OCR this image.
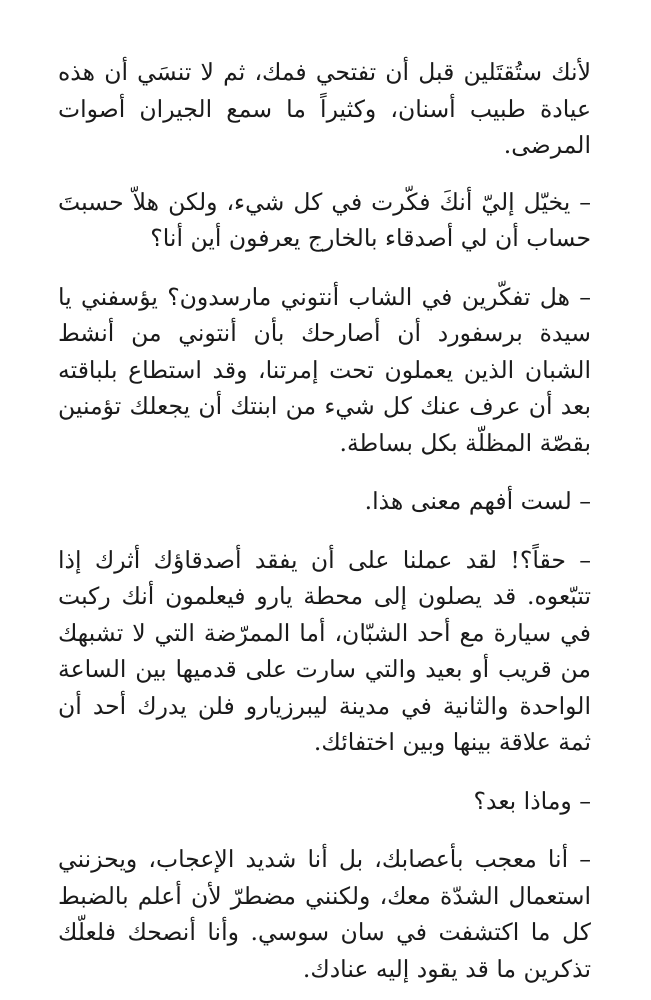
لأنك ستُقتَلين قبل أن تفتحي فمك، ثم لا تنسَي أن هذه عيادة طبيب أسنان، وكثيراً ما سمع الجيران أصوات المرضى.

– يخيّل إليّ أنكَ فكّرت في كل شيء، ولكن هلاّ حسبتَ حساب أن لي أصدقاء بالخارج يعرفون أين أنا؟

– هل تفكّرين في الشاب أنتوني مارسدون؟ يؤسفني يا سيدة برسفورد أن أصارحك بأن أنتوني من أنشط الشبان الذين يعملون تحت إمرتنا، وقد استطاع بلباقته بعد أن عرف عنك كل شيء من ابنتك أن يجعلك تؤمنين بقصّة المظلّة بكل بساطة.

– لست أفهم معنى هذا.

– حقاً؟! لقد عملنا على أن يفقد أصدقاؤك أثرك إذا تتبّعوه. قد يصلون إلى محطة يارو فيعلمون أنك ركبت في سيارة مع أحد الشبّان، أما الممرّضة التي لا تشبهك من قريب أو بعيد والتي سارت على قدميها بين الساعة الواحدة والثانية في مدينة ليبرزيارو فلن يدرك أحد أن ثمة علاقة بينها وبين اختفائك.

– وماذا بعد؟

– أنا معجب بأعصابك، بل أنا شديد الإعجاب، ويحزنني استعمال الشدّة معك، ولكنني مضطرّ لأن أعلم بالضبط كل ما اكتشفت في سان سوسي. وأنا أنصحك فلعلّك تذكرين ما قد يقود إليه عنادك.
